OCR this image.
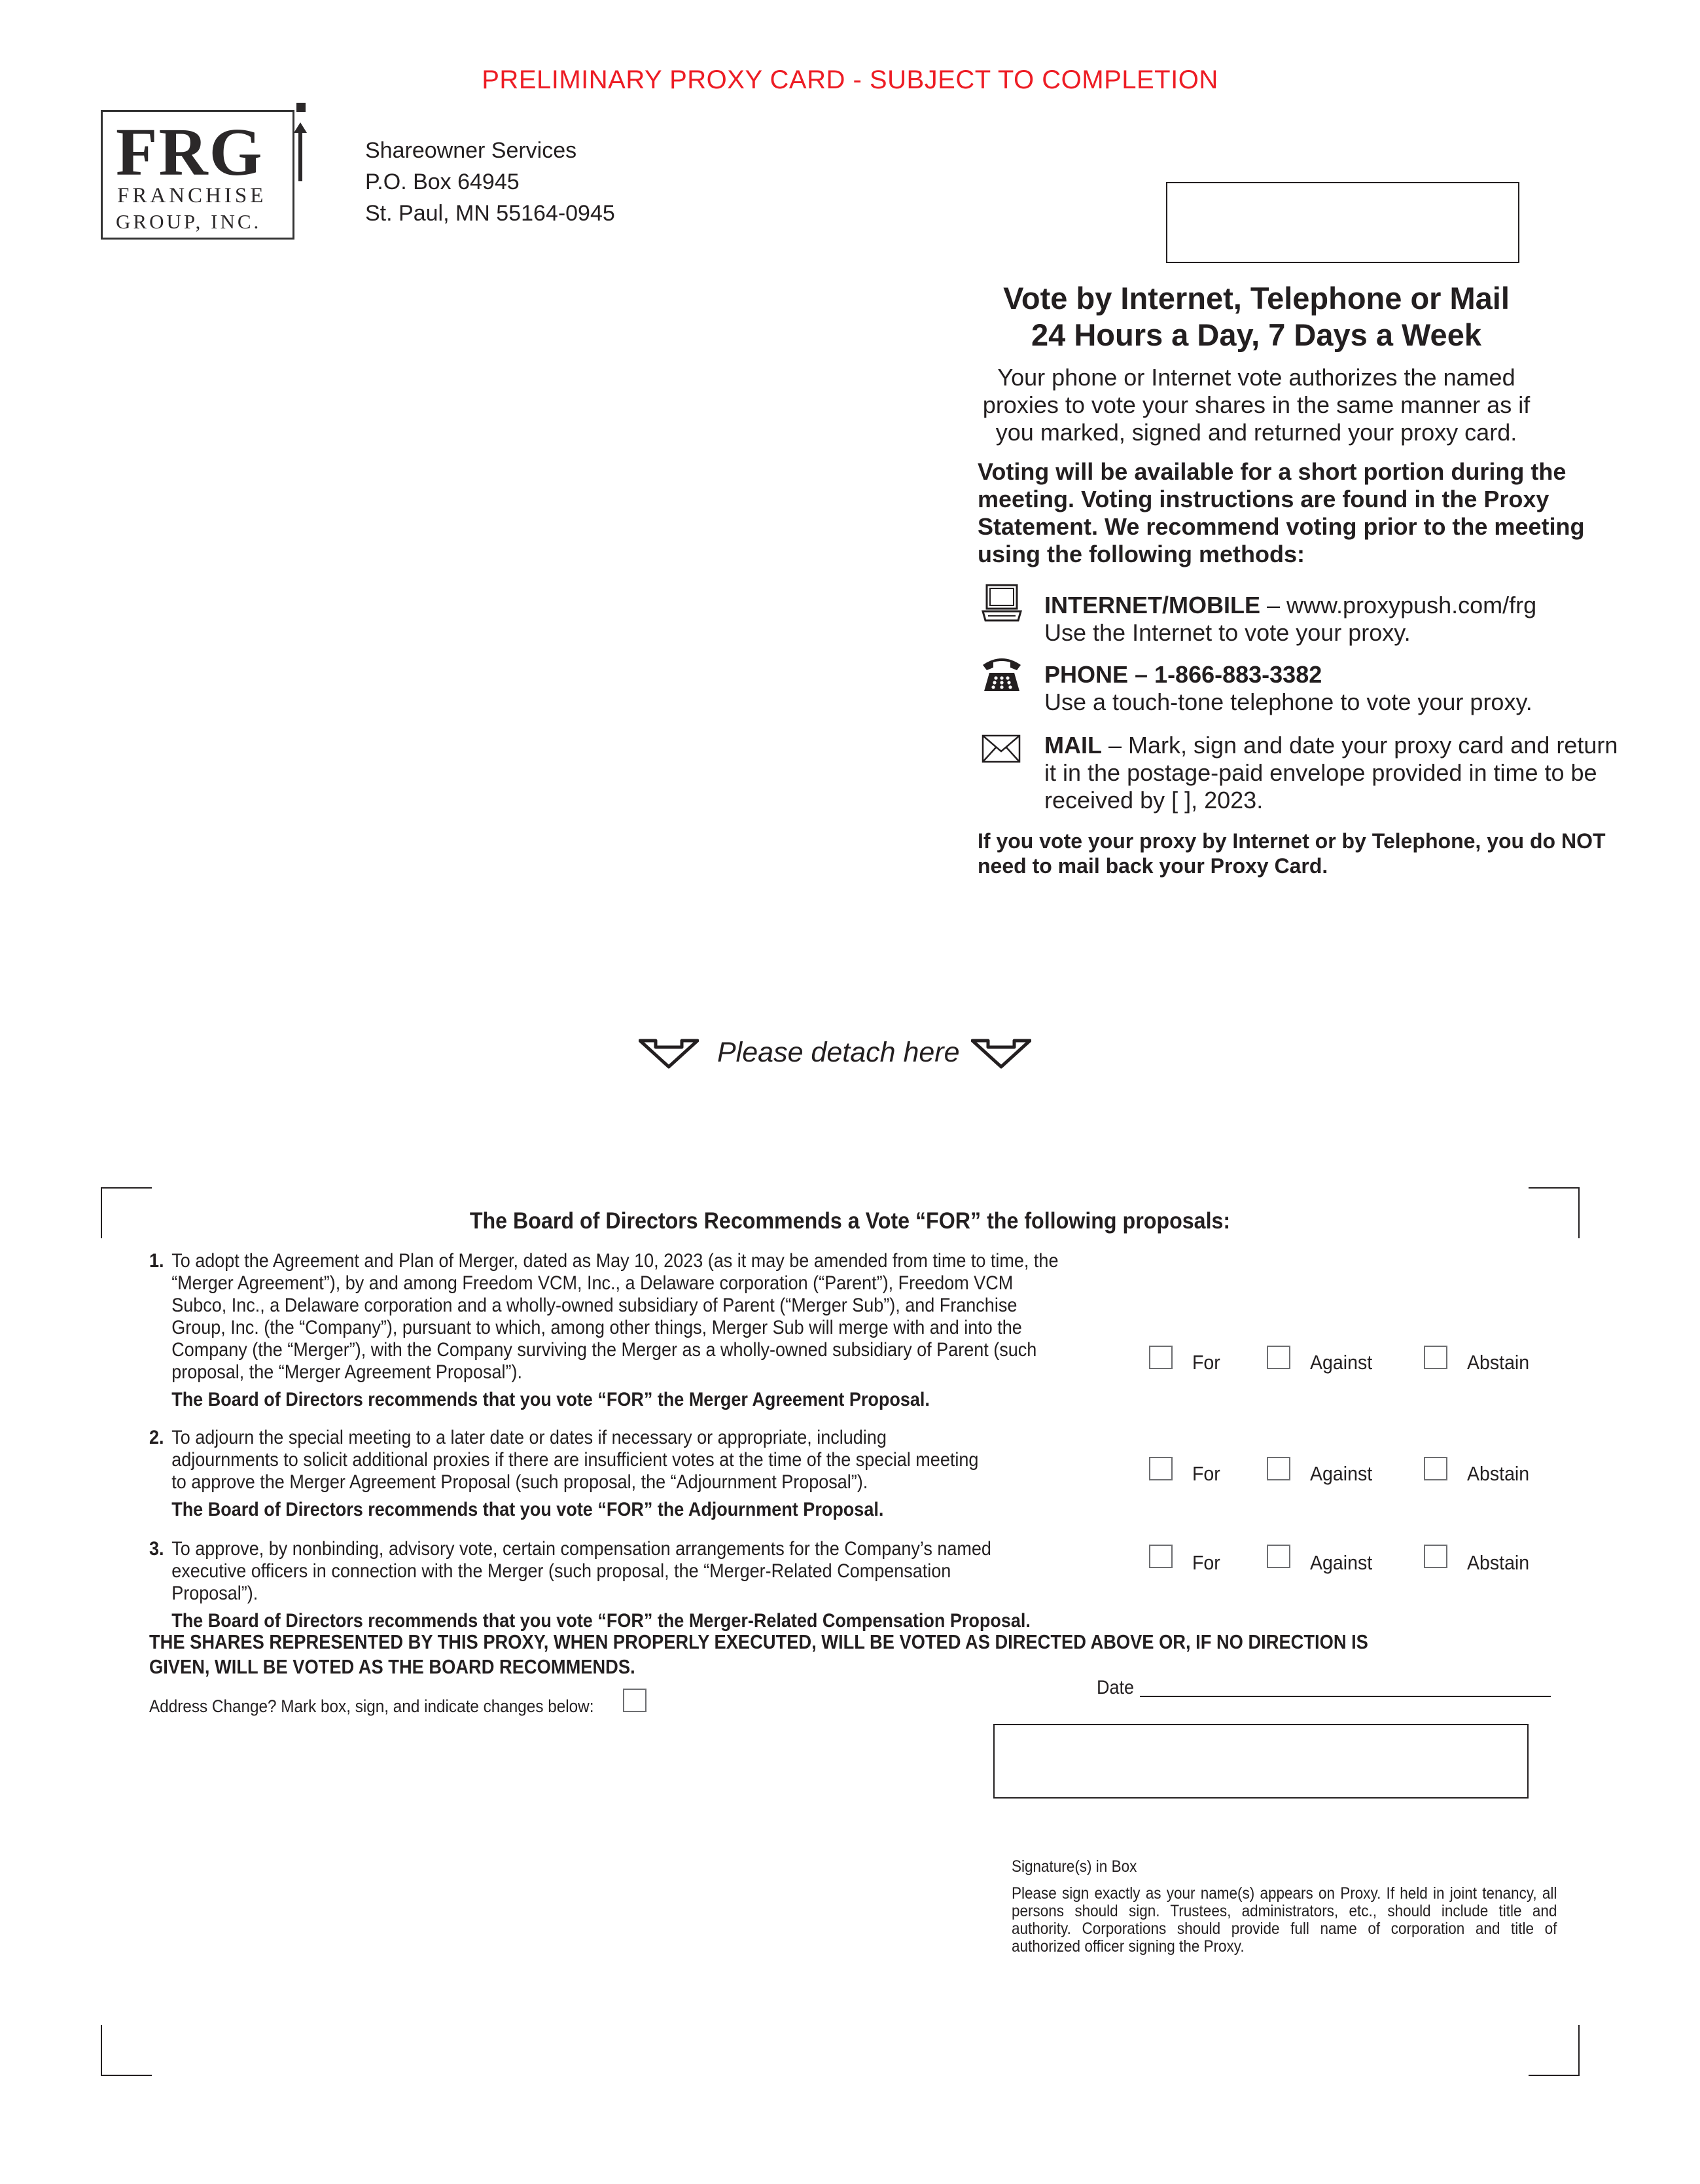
PRELIMINARY PROXY CARD - SUBJECT TO COMPLETION
FRG
FRANCHISE
GROUP, INC.
Shareowner Services
P.O. Box 64945
St. Paul, MN 55164-0945
Vote by Internet, Telephone or Mail
24 Hours a Day, 7 Days a Week
Your phone or Internet vote authorizes the named proxies to vote your shares in the same manner as if you marked, signed and returned your proxy card.
Voting will be available for a short portion during the meeting. Voting instructions are found in the Proxy Statement. We recommend voting prior to the meeting using the following methods:
INTERNET/MOBILE – www.proxypush.com/frg
Use the Internet to vote your proxy.
PHONE – 1-866-883-3382
Use a touch-tone telephone to vote your proxy.
MAIL – Mark, sign and date your proxy card and return it in the postage-paid envelope provided in time to be received by [ ], 2023.
If you vote your proxy by Internet or by Telephone, you do NOT need to mail back your Proxy Card.
Please detach here
The Board of Directors Recommends a Vote “FOR” the following proposals:
1. To adopt the Agreement and Plan of Merger, dated as May 10, 2023 (as it may be amended from time to time, the “Merger Agreement”), by and among Freedom VCM, Inc., a Delaware corporation (“Parent”), Freedom VCM Subco, Inc., a Delaware corporation and a wholly-owned subsidiary of Parent (“Merger Sub”), and Franchise Group, Inc. (the “Company”), pursuant to which, among other things, Merger Sub will merge with and into the Company (the “Merger”), with the Company surviving the Merger as a wholly-owned subsidiary of Parent (such proposal, the “Merger Agreement Proposal”).
The Board of Directors recommends that you vote “FOR” the Merger Agreement Proposal.
2. To adjourn the special meeting to a later date or dates if necessary or appropriate, including adjournments to solicit additional proxies if there are insufficient votes at the time of the special meeting to approve the Merger Agreement Proposal (such proposal, the “Adjournment Proposal”).
The Board of Directors recommends that you vote “FOR” the Adjournment Proposal.
3. To approve, by nonbinding, advisory vote, certain compensation arrangements for the Company’s named executive officers in connection with the Merger (such proposal, the “Merger-Related Compensation Proposal”).
The Board of Directors recommends that you vote “FOR” the Merger-Related Compensation Proposal.
For	Against	Abstain
For	Against	Abstain
For	Against	Abstain
THE SHARES REPRESENTED BY THIS PROXY, WHEN PROPERLY EXECUTED, WILL BE VOTED AS DIRECTED ABOVE OR, IF NO DIRECTION IS GIVEN, WILL BE VOTED AS THE BOARD RECOMMENDS.
Address Change? Mark box, sign, and indicate changes below:
Date
Signature(s) in Box
Please sign exactly as your name(s) appears on Proxy. If held in joint tenancy, all persons should sign. Trustees, administrators, etc., should include title and authority. Corporations should provide full name of corporation and title of authorized officer signing the Proxy.
